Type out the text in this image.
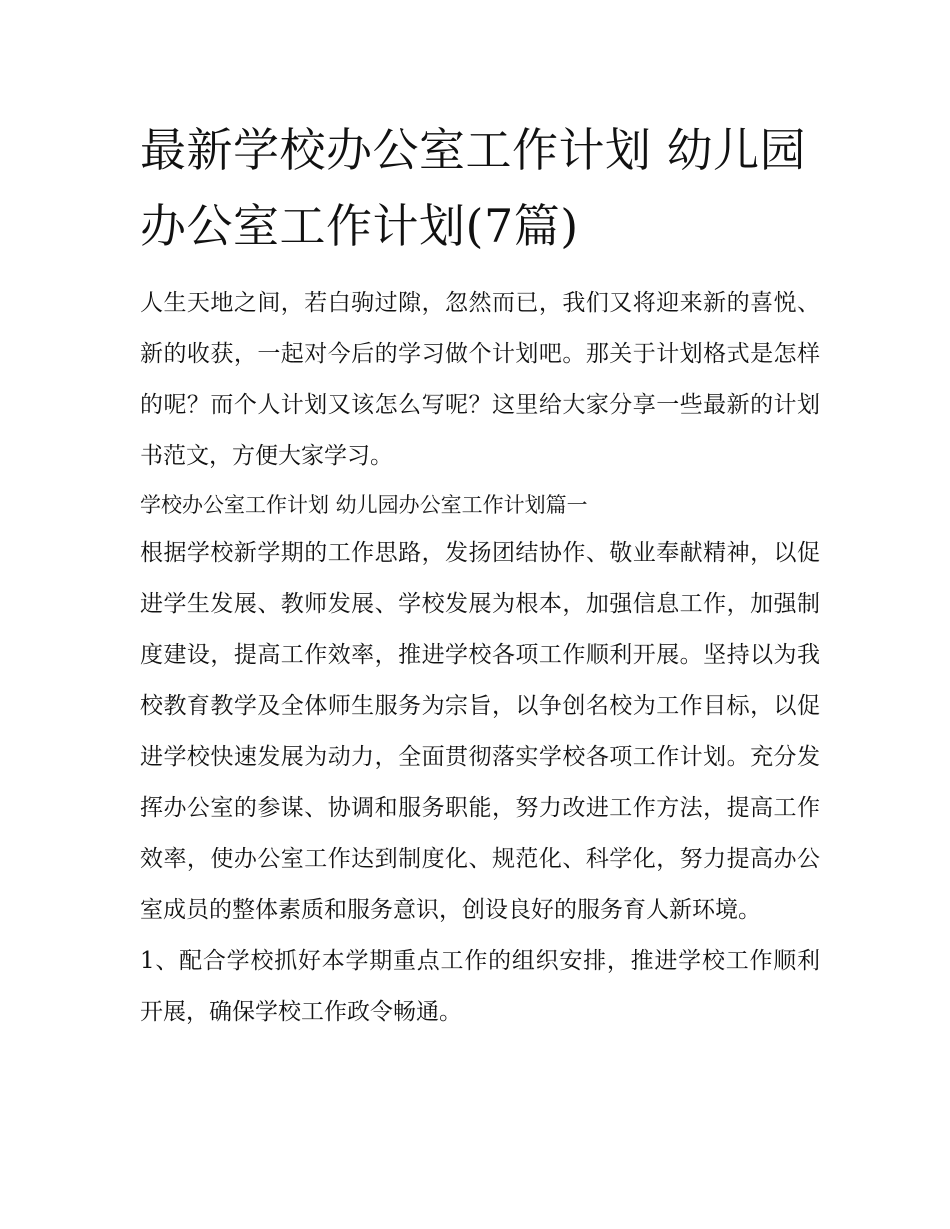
最新学校办公室工作计划 幼儿园办公室工作计划(7篇)

人生天地之间，若白驹过隙，忽然而已，我们又将迎来新的喜悦、新的收获，一起对今后的学习做个计划吧。那关于计划格式是怎样的呢？而个人计划又该怎么写呢？这里给大家分享一些最新的计划书范文，方便大家学习。

学校办公室工作计划 幼儿园办公室工作计划篇一

根据学校新学期的工作思路，发扬团结协作、敬业奉献精神，以促进学生发展、教师发展、学校发展为根本，加强信息工作，加强制度建设，提高工作效率，推进学校各项工作顺利开展。坚持以为我校教育教学及全体师生服务为宗旨，以争创名校为工作目标，以促进学校快速发展为动力，全面贯彻落实学校各项工作计划。充分发挥办公室的参谋、协调和服务职能，努力改进工作方法，提高工作效率，使办公室工作达到制度化、规范化、科学化，努力提高办公室成员的整体素质和服务意识，创设良好的服务育人新环境。

1、配合学校抓好本学期重点工作的组织安排，推进学校工作顺利开展，确保学校工作政令畅通。
